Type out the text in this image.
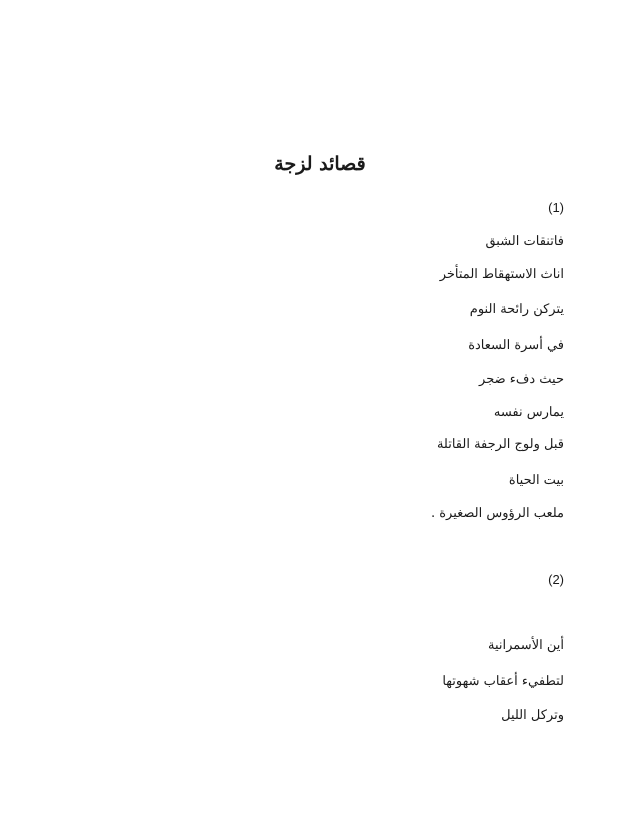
قصائد لزجة
(1)
فاتنقات الشبق
اناث الاستهقاط المتأخر
يتركن رائحة النوم
في أسرة السعادة
حيث دفء ضجر
يمارس نفسه
قبل ولوج الرجفة القاتلة
بيت الحياة
ملعب الرؤوس الصغيرة .
(2)
أين الأسمرانية
لتطفيء أعقاب شهوتها
وتركل الليل
